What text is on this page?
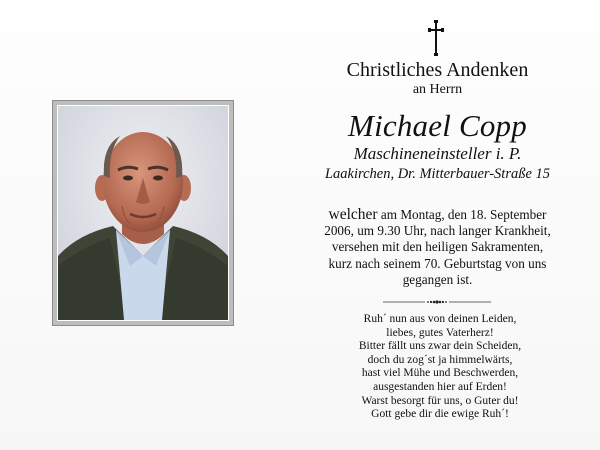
Christliches Andenken
an Herrn
Michael Copp
Maschineneinsteller i. P.
Laakirchen, Dr. Mitterbauer-Straße 15
welcher am Montag, den 18. September
2006, um 9.30 Uhr, nach langer Krankheit,
versehen mit den heiligen Sakramenten,
kurz nach seinem 70. Geburtstag von uns
gegangen ist.
Ruh´ nun aus von deinen Leiden,
liebes, gutes Vaterherz!
Bitter fällt uns zwar dein Scheiden,
doch du zog´st ja himmelwärts,
hast viel Mühe und Beschwerden,
ausgestanden hier auf Erden!
Warst besorgt für uns, o Guter du!
Gott gebe dir die ewige Ruh´!
